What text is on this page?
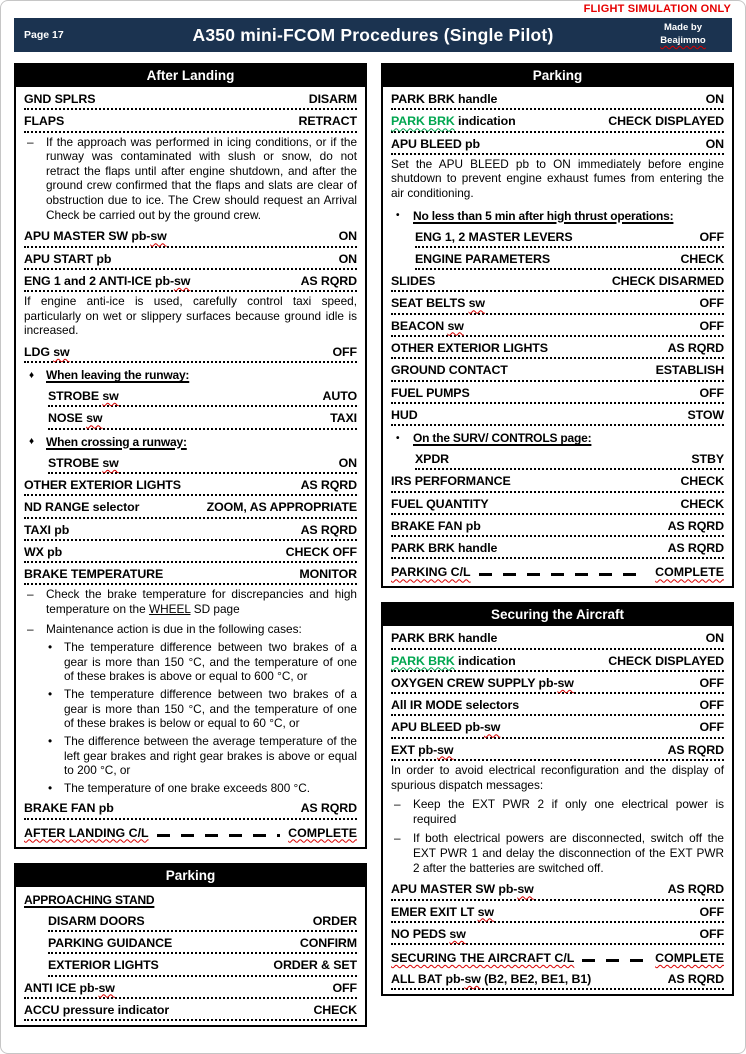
FLIGHT SIMULATION ONLY
Page 17	A350 mini-FCOM Procedures (Single Pilot)	Made by
Beajimmo
After Landing
GND SPLRS	DISARM
FLAPS	RETRACT
– If the approach was performed in icing conditions, or if the runway was contaminated with slush or snow, do not retract the flaps until after engine shutdown, and after the ground crew confirmed that the flaps and slats are clear of obstruction due to ice. The Crew should request an Arrival Check be carried out by the ground crew.
APU MASTER SW pb-sw	ON
APU START pb	ON
ENG 1 and 2 ANTI-ICE pb-sw	AS RQRD
If engine anti-ice is used, carefully control taxi speed, particularly on wet or slippery surfaces because ground idle is increased.
LDG sw	OFF
♦	When leaving the runway:
STROBE sw	AUTO
NOSE sw	TAXI
♦	When crossing a runway:
STROBE sw	ON
OTHER EXTERIOR LIGHTS	AS RQRD
ND RANGE selector	ZOOM, AS APPROPRIATE
TAXI pb	AS RQRD
WX pb	CHECK OFF
BRAKE TEMPERATURE	MONITOR
– Check the brake temperature for discrepancies and high temperature on the WHEEL SD page
– Maintenance action is due in the following cases:
• The temperature difference between two brakes of a gear is more than 150 °C, and the temperature of one of these brakes is above or equal to 600 °C, or
• The temperature difference between two brakes of a gear is more than 150 °C, and the temperature of one of these brakes is below or equal to 60 °C, or
• The difference between the average temperature of the left gear brakes and right gear brakes is above or equal to 200 °C, or
• The temperature of one brake exceeds 800 °C.
BRAKE FAN pb	AS RQRD
AFTER LANDING C/L	COMPLETE
Parking
APPROACHING STAND
DISARM DOORS	ORDER
PARKING GUIDANCE	CONFIRM
EXTERIOR LIGHTS	ORDER & SET
ANTI ICE pb-sw	OFF
ACCU pressure indicator	CHECK
Parking
PARK BRK handle	ON
PARK BRK indication	CHECK DISPLAYED
APU BLEED pb	ON
Set the APU BLEED pb to ON immediately before engine shutdown to prevent engine exhaust fumes from entering the air conditioning.
•	No less than 5 min after high thrust operations:
ENG 1, 2 MASTER LEVERS	OFF
ENGINE PARAMETERS	CHECK
SLIDES	CHECK DISARMED
SEAT BELTS sw	OFF
BEACON sw	OFF
OTHER EXTERIOR LIGHTS	AS RQRD
GROUND CONTACT	ESTABLISH
FUEL PUMPS	OFF
HUD	STOW
•	On the SURV/ CONTROLS page:
XPDR	STBY
IRS PERFORMANCE	CHECK
FUEL QUANTITY	CHECK
BRAKE FAN pb	AS RQRD
PARK BRK handle	AS RQRD
PARKING C/L	COMPLETE
Securing the Aircraft
PARK BRK handle	ON
PARK BRK indication	CHECK DISPLAYED
OXYGEN CREW SUPPLY pb-sw	OFF
All IR MODE selectors	OFF
APU BLEED pb-sw	OFF
EXT pb-sw	AS RQRD
In order to avoid electrical reconfiguration and the display of spurious dispatch messages:
– Keep the EXT PWR 2 if only one electrical power is required
– If both electrical powers are disconnected, switch off the EXT PWR 1 and delay the disconnection of the EXT PWR 2 after the batteries are switched off.
APU MASTER SW pb-sw	AS RQRD
EMER EXIT LT sw	OFF
NO PEDS sw	OFF
SECURING THE AIRCRAFT C/L	COMPLETE
ALL BAT pb-sw (B2, BE2, BE1, B1)	AS RQRD
